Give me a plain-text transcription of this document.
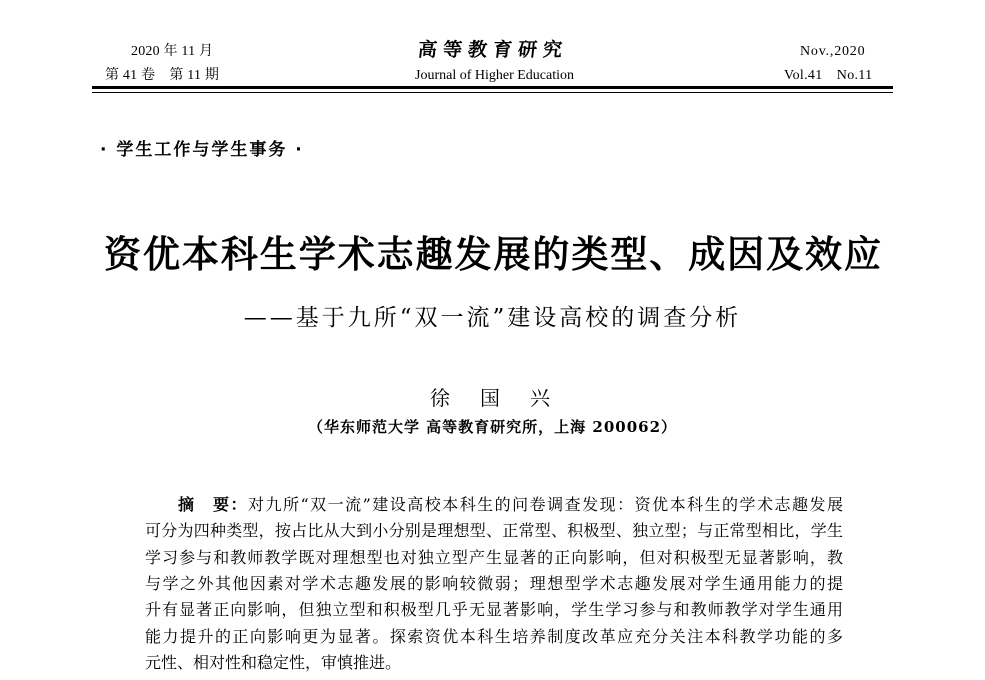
2020 年 11 月
第 41 卷　第 11 期
高等教育研究
Journal of Higher Education
Nov.,2020
Vol.41　No.11
· 学生工作与学生事务 ·
资优本科生学术志趣发展的类型、成因及效应
——基于九所“双一流”建设高校的调查分析
徐　国　兴
（华东师范大学 高等教育研究所，上海 200062）
摘　要：对九所“双一流”建设高校本科生的问卷调查发现：资优本科生的学术志趣发展
可分为四种类型，按占比从大到小分别是理想型、正常型、积极型、独立型；与正常型相比，学生
学习参与和教师教学既对理想型也对独立型产生显著的正向影响，但对积极型无显著影响，教
与学之外其他因素对学术志趣发展的影响较微弱；理想型学术志趣发展对学生通用能力的提
升有显著正向影响，但独立型和积极型几乎无显著影响，学生学习参与和教师教学对学生通用
能力提升的正向影响更为显著。探索资优本科生培养制度改革应充分关注本科教学功能的多
元性、相对性和稳定性，审慎推进。
